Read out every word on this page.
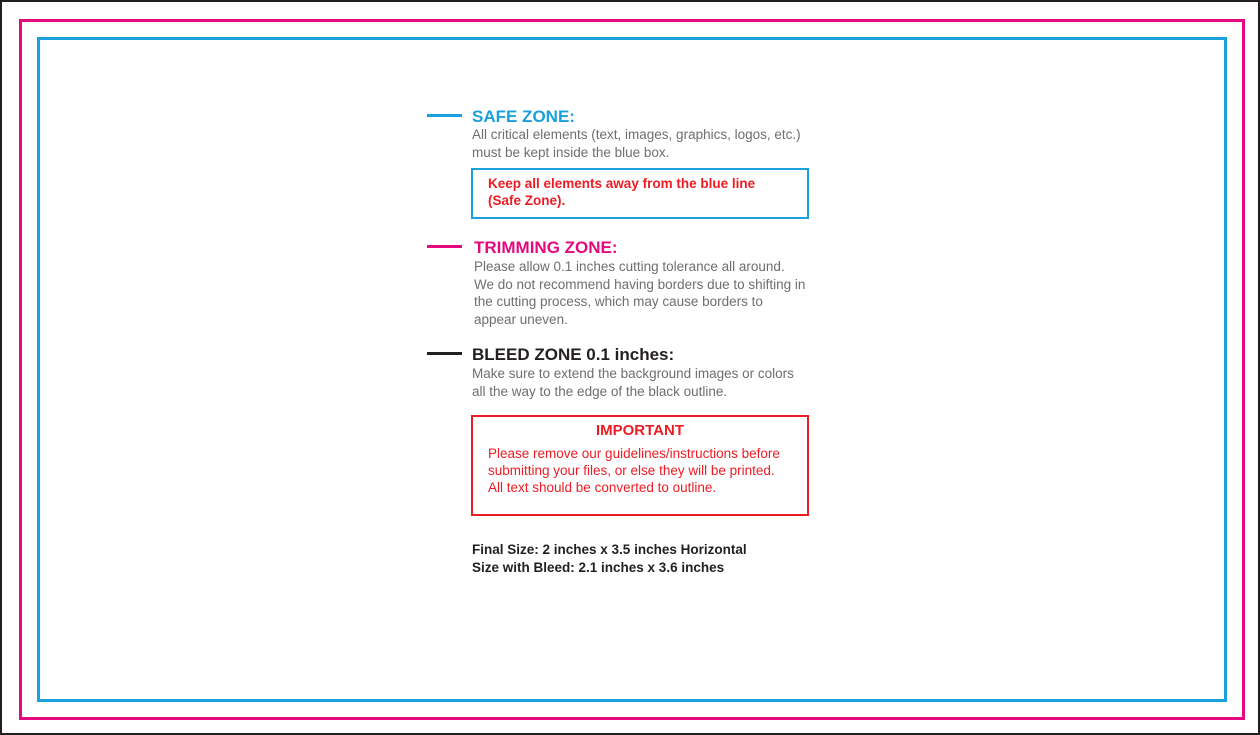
SAFE ZONE:
All critical elements (text, images, graphics, logos, etc.)
must be kept inside the blue box.
Keep all elements away from the blue line
(Safe Zone).
TRIMMING ZONE:
Please allow 0.1 inches cutting tolerance all around.
We do not recommend having borders due to shifting in
the cutting process, which may cause borders to
appear uneven.
BLEED ZONE 0.1 inches:
Make sure to extend the background images or colors
all the way to the edge of the black outline.
IMPORTANT
Please remove our guidelines/instructions before
submitting your files, or else they will be printed.
All text should be converted to outline.
Final Size: 2 inches x 3.5 inches Horizontal
Size with Bleed: 2.1 inches x 3.6 inches
